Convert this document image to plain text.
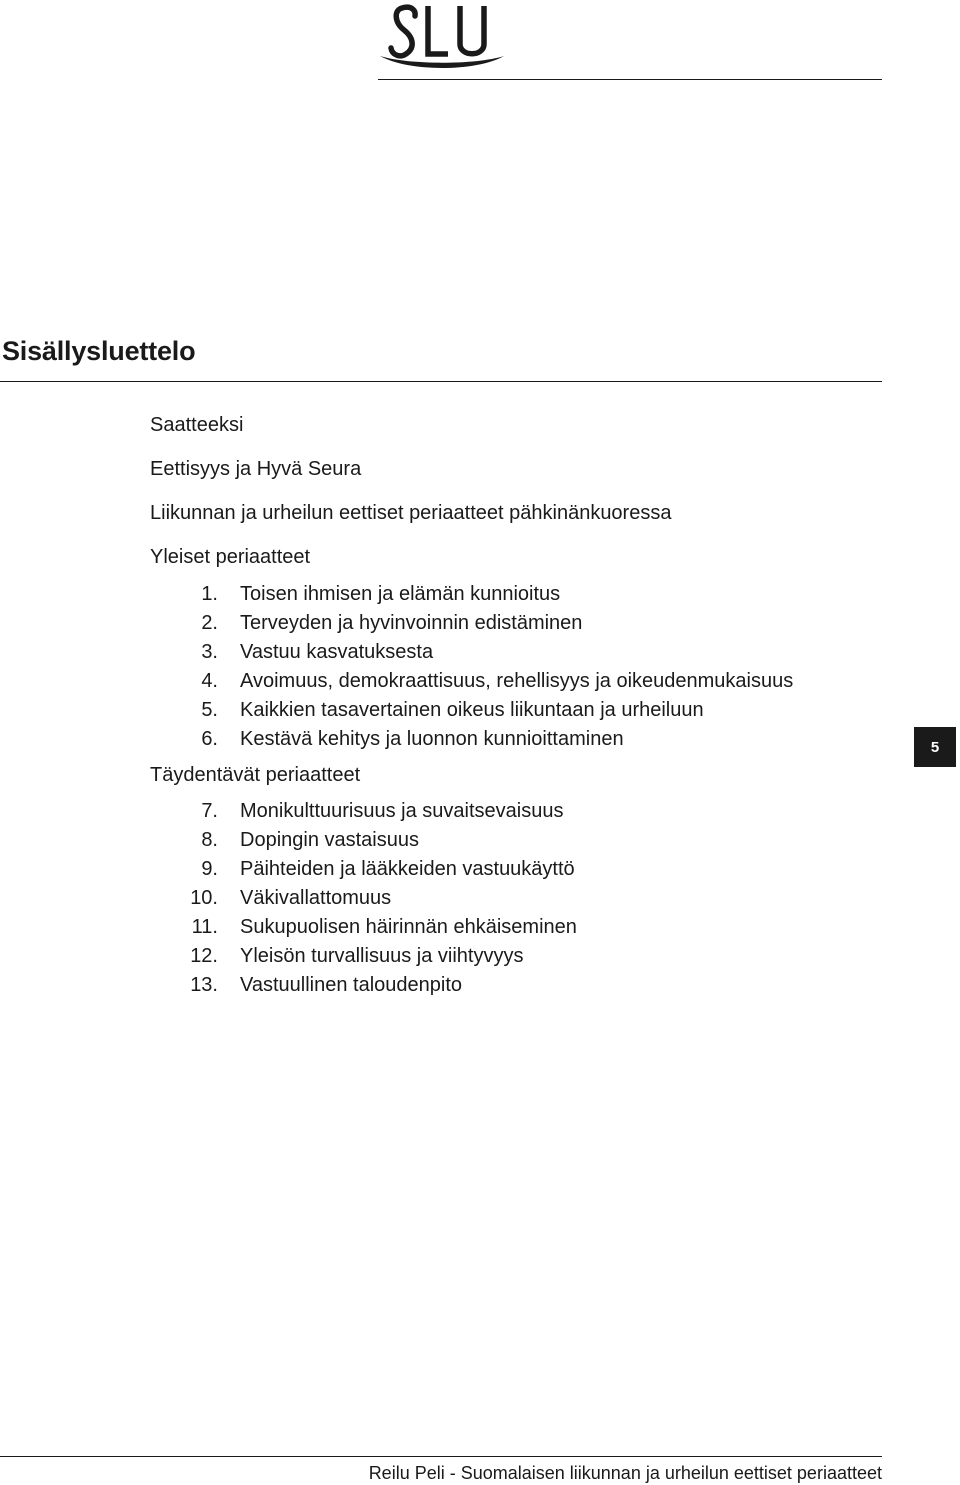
Sisällysluettelo
Saatteeksi
Eettisyys ja Hyvä Seura
Liikunnan ja urheilun eettiset periaatteet pähkinänkuoressa
Yleiset periaatteet
1. Toisen ihmisen ja elämän kunnioitus
2. Terveyden ja hyvinvoinnin edistäminen
3. Vastuu kasvatuksesta
4. Avoimuus, demokraattisuus, rehellisyys ja oikeudenmukaisuus
5. Kaikkien tasavertainen oikeus liikuntaan ja urheiluun
6. Kestävä kehitys ja luonnon kunnioittaminen
Täydentävät periaatteet
7. Monikulttuurisuus ja suvaitsevaisuus
8. Dopingin vastaisuus
9. Päihteiden ja lääkkeiden vastuukäyttö
10. Väkivallattomuus
11. Sukupuolisen häirinnän ehkäiseminen
12. Yleisön turvallisuus ja viihtyvyys
13. Vastuullinen taloudenpito
5
Reilu Peli - Suomalaisen liikunnan ja urheilun eettiset periaatteet
